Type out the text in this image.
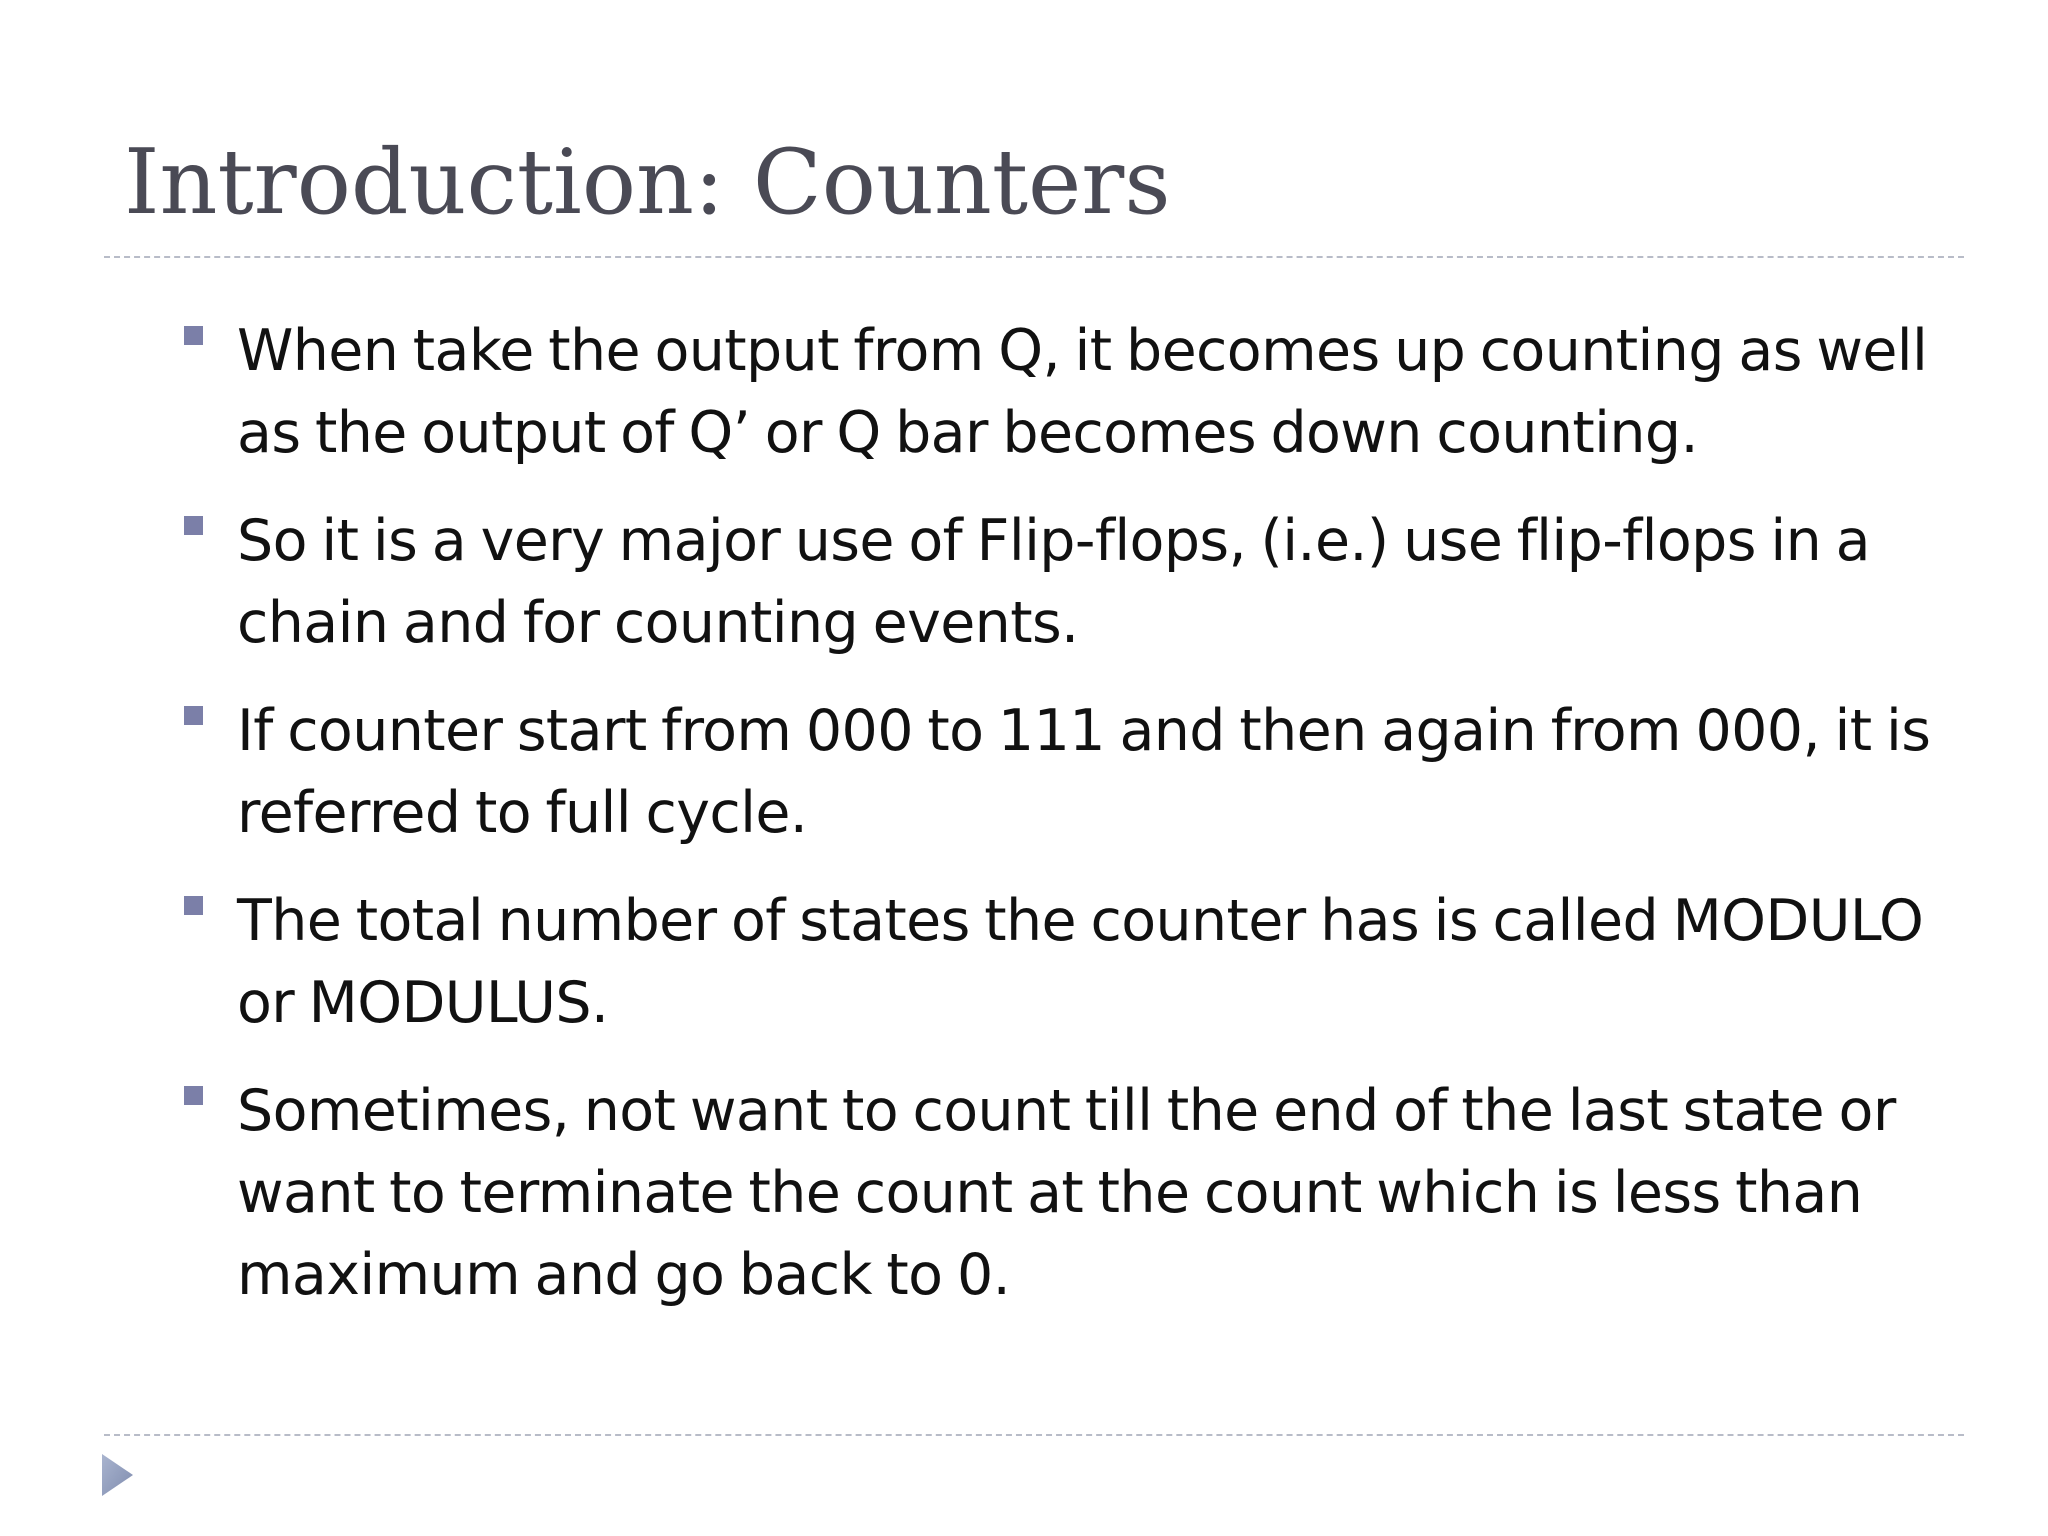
Introduction: Counters
When take the output from Q, it becomes up counting as well as the output of Q’ or Q bar becomes down counting.
So it is a very major use of Flip-flops, (i.e.) use flip-flops in a chain and for counting events.
If counter start from 000 to 111 and then again from 000, it is referred to full cycle.
The total number of states the counter has is called MODULO or MODULUS.
Sometimes, not want to count till the end of the last state or want to terminate the count at the count which is less than maximum and go back to 0.
